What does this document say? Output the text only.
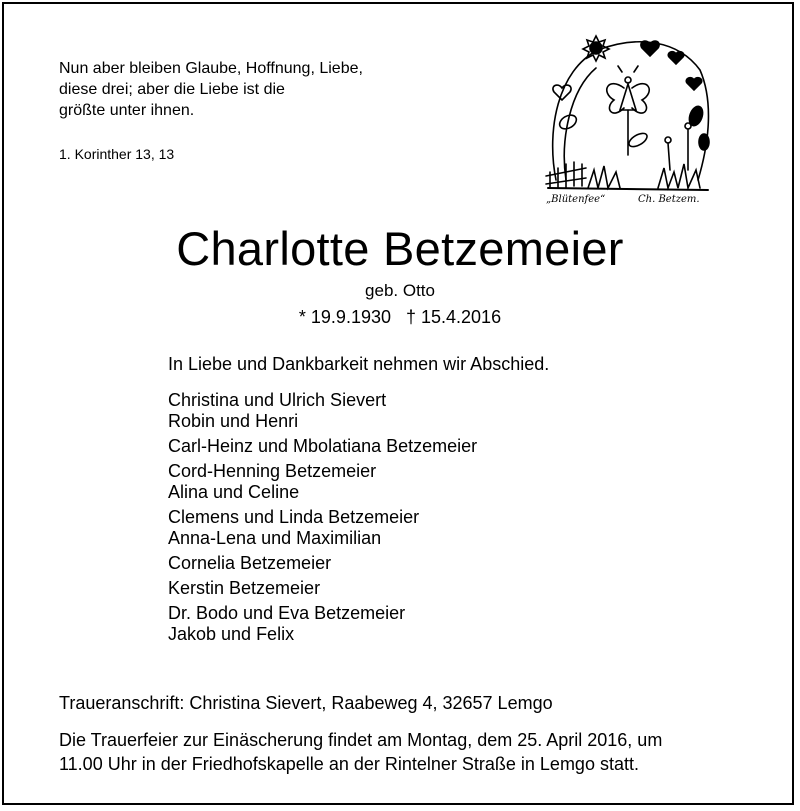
Nun aber bleiben Glaube, Hoffnung, Liebe,
diese drei; aber die Liebe ist die
größte unter ihnen.
1. Korinther 13, 13
„Blütenfee“	Ch. Betzem.
Charlotte Betzemeier
geb. Otto
* 19.9.1930   † 15.4.2016
In Liebe und Dankbarkeit nehmen wir Abschied.
Christina und Ulrich Sievert
Robin und Henri
Carl-Heinz und Mbolatiana Betzemeier
Cord-Henning Betzemeier
Alina und Celine
Clemens und Linda Betzemeier
Anna-Lena und Maximilian
Cornelia Betzemeier
Kerstin Betzemeier
Dr. Bodo und Eva Betzemeier
Jakob und Felix
Traueranschrift: Christina Sievert, Raabeweg 4, 32657 Lemgo
Die Trauerfeier zur Einäscherung findet am Montag, dem 25. April 2016, um
11.00 Uhr in der Friedhofskapelle an der Rintelner Straße in Lemgo statt.
